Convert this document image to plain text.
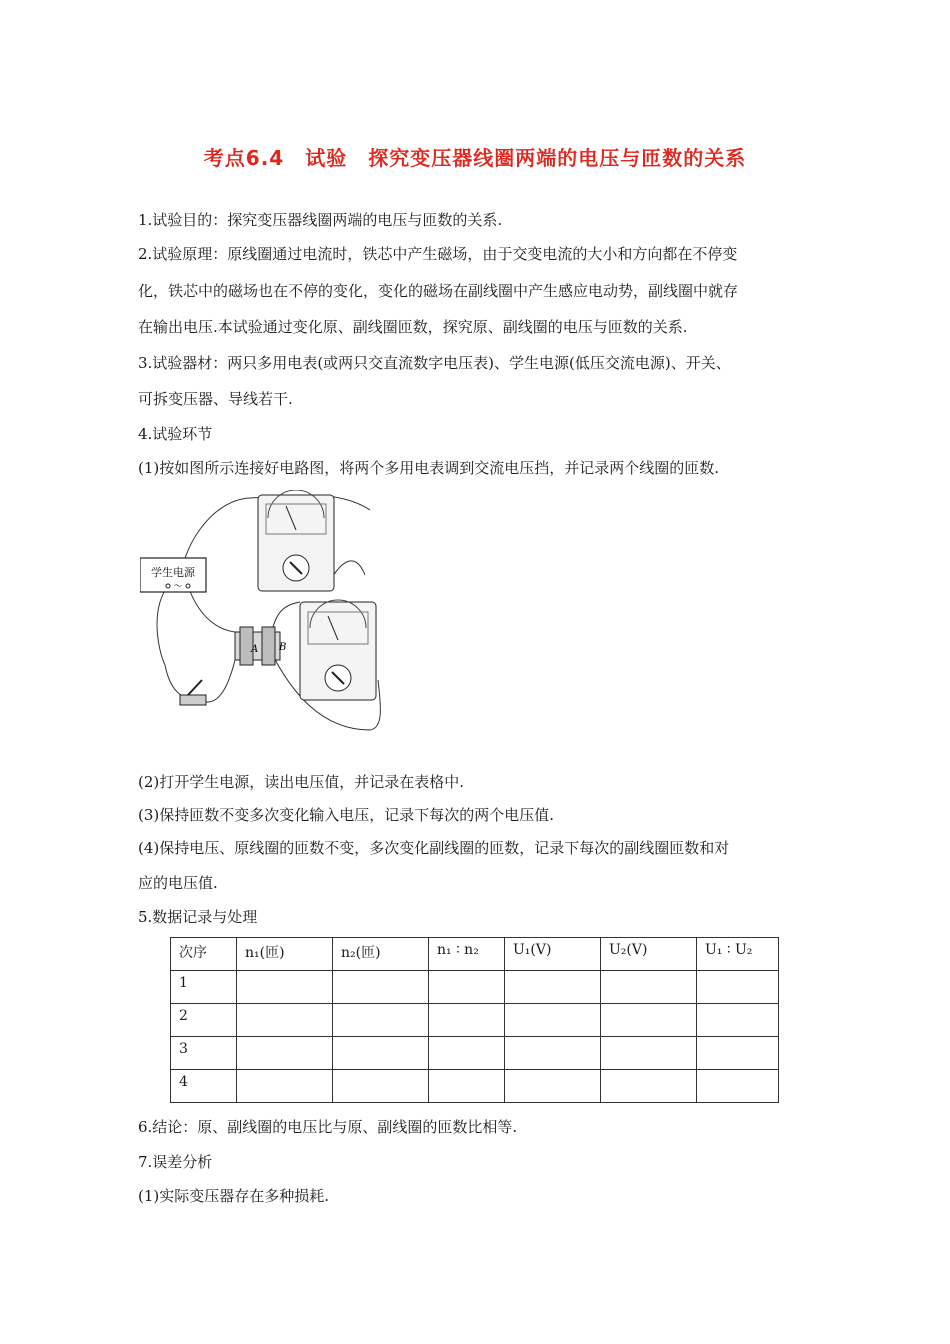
考点6.4　试验　探究变压器线圈两端的电压与匝数的关系
1.试验目的：探究变压器线圈两端的电压与匝数的关系.
2.试验原理：原线圈通过电流时，铁芯中产生磁场，由于交变电流的大小和方向都在不停变
化，铁芯中的磁场也在不停的变化，变化的磁场在副线圈中产生感应电动势，副线圈中就存
在输出电压.本试验通过变化原、副线圈匝数，探究原、副线圈的电压与匝数的关系.
3.试验器材：两只多用电表(或两只交直流数字电压表)、学生电源(低压交流电源)、开关、
可拆变压器、导线若干.
4.试验环节
(1)按如图所示连接好电路图，将两个多用电表调到交流电压挡，并记录两个线圈的匝数.
学生电源
～
A B
(2)打开学生电源，读出电压值，并记录在表格中.
(3)保持匝数不变多次变化输入电压，记录下每次的两个电压值.
(4)保持电压、原线圈的匝数不变，多次变化副线圈的匝数，记录下每次的副线圈匝数和对
应的电压值.
5.数据记录与处理
次序	n₁(匝)	n₂(匝)	n₁ ∶ n₂	U₁(V)	U₂(V)	U₁ ∶ U₂
1						
2						
3						
4						
6.结论：原、副线圈的电压比与原、副线圈的匝数比相等.
7.误差分析
(1)实际变压器存在多种损耗.
